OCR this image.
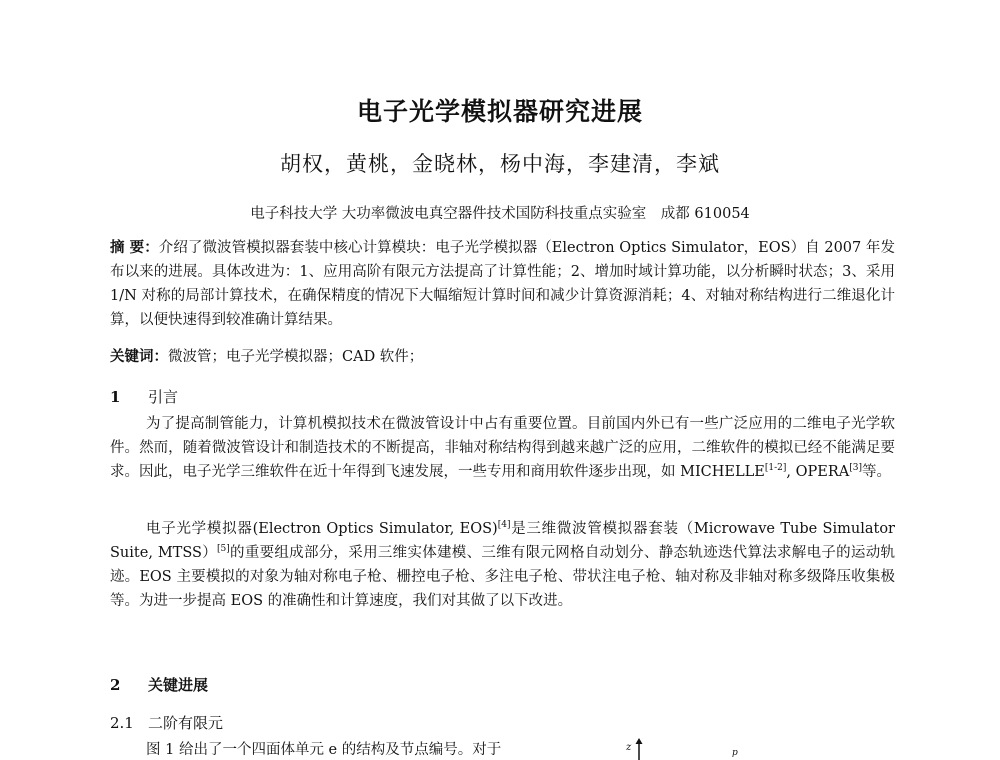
电子光学模拟器研究进展
胡权，黄桃，金晓林，杨中海，李建清，李斌
电子科技大学 大功率微波电真空器件技术国防科技重点实验室　成都 610054
摘 要：介绍了微波管模拟器套装中核心计算模块：电子光学模拟器（Electron Optics Simulator，EOS）自 2007 年发布以来的进展。具体改进为：1、应用高阶有限元方法提高了计算性能；2、增加时域计算功能，以分析瞬时状态；3、采用 1/N 对称的局部计算技术，在确保精度的情况下大幅缩短计算时间和减少计算资源消耗；4、对轴对称结构进行二维退化计算，以便快速得到较准确计算结果。
关键词：微波管；电子光学模拟器；CAD 软件；
1 引言
为了提高制管能力，计算机模拟技术在微波管设计中占有重要位置。目前国内外已有一些广泛应用的二维电子光学软件。然而，随着微波管设计和制造技术的不断提高，非轴对称结构得到越来越广泛的应用，二维软件的模拟已经不能满足要求。因此，电子光学三维软件在近十年得到飞速发展，一些专用和商用软件逐步出现，如 MICHELLE[1-2], OPERA[3]等。
电子光学模拟器(Electron Optics Simulator, EOS)[4]是三维微波管模拟器套装（Microwave Tube Simulator Suite, MTSS）[5]的重要组成部分，采用三维实体建模、三维有限元网格自动划分、静态轨迹迭代算法求解电子的运动轨迹。EOS 主要模拟的对象为轴对称电子枪、栅控电子枪、多注电子枪、带状注电子枪、轴对称及非轴对称多级降压收集极等。为进一步提高 EOS 的准确性和计算速度，我们对其做了以下改进。
2 关键进展
2.1 二阶有限元
图 1 给出了一个四面体单元 e 的结构及节点编号。对于	z	p
